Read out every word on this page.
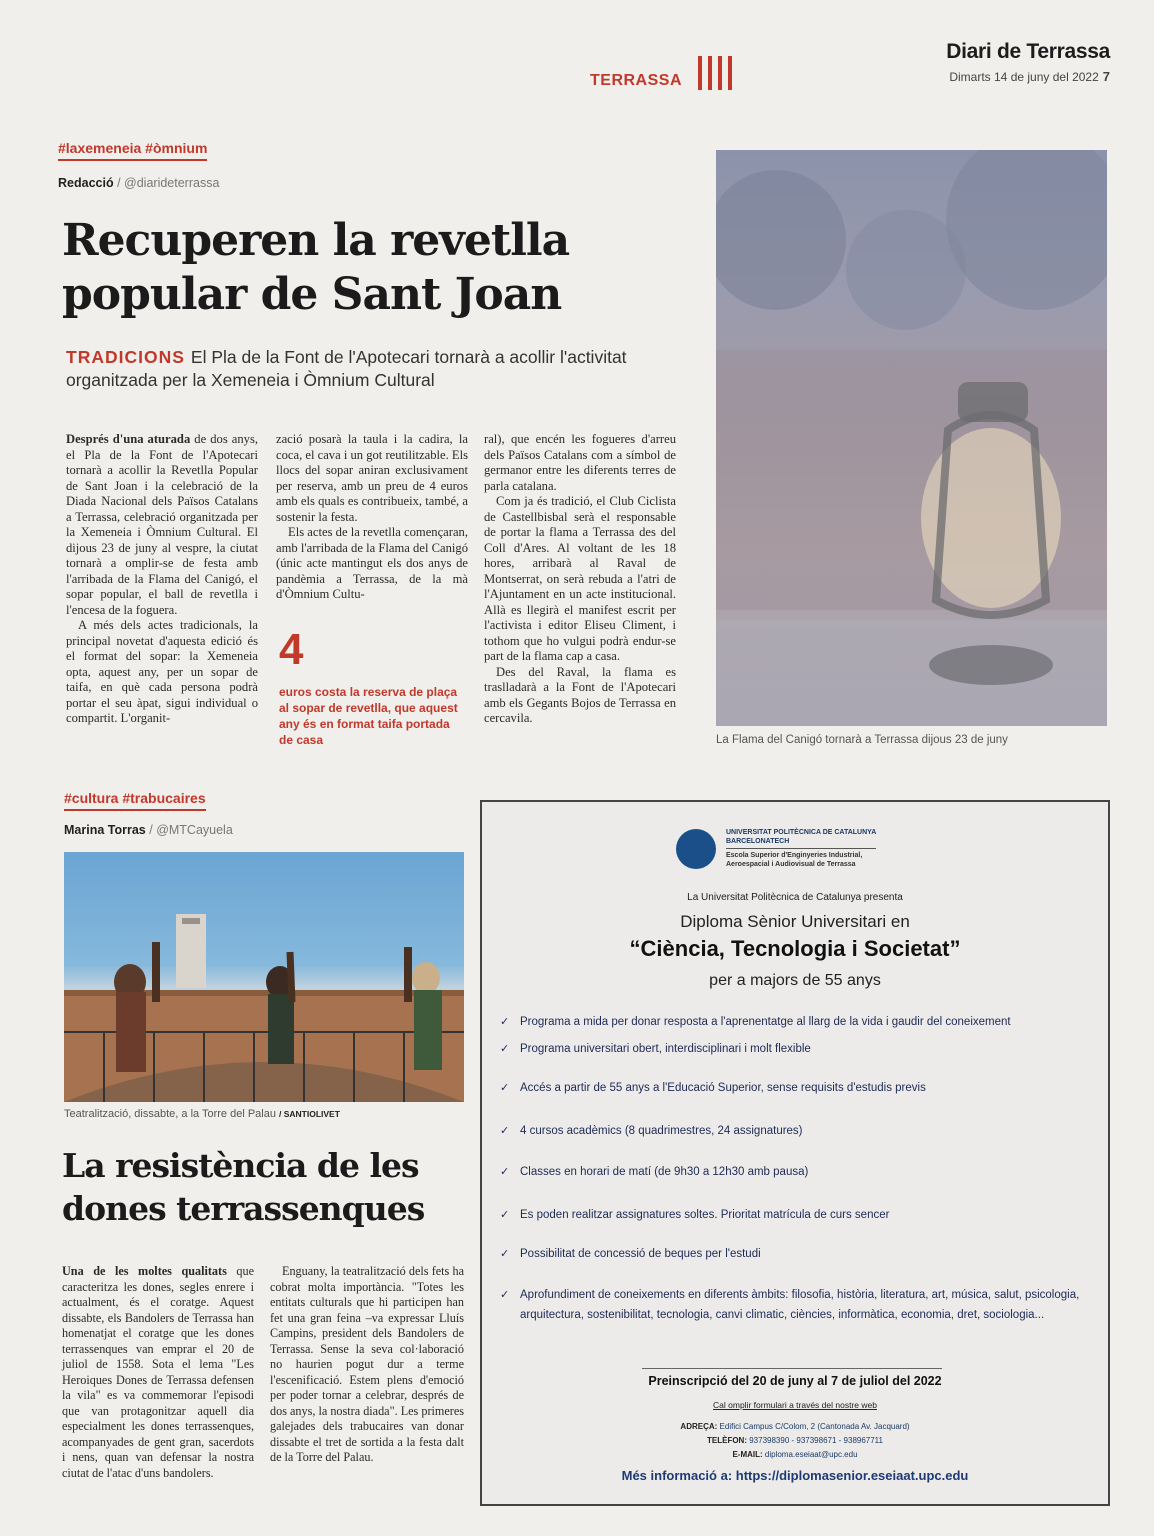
TERRASSA
Diari de Terrassa
Dimarts 14 de juny del 2022 7
#laxemeneia #òmnium
Redacció / @diarideterrassa
Recuperen la revetlla
popular de Sant Joan
TRADICIONS El Pla de la Font de l'Apotecari tornarà a acollir l'activitat organitzada per la Xemeneia i Òmnium Cultural

Després d'una aturada de dos anys, el Pla de la Font de l'Apotecari tornarà a acollir la Revetlla Popular de Sant Joan i la celebració de la Diada Nacional dels Països Catalans a Terrassa, celebració organitzada per la Xemeneia i Òmnium Cultural. El dijous 23 de juny al vespre, la ciutat tornarà a omplir-se de festa amb l'arribada de la Flama del Canigó, el sopar popular, el ball de revetlla i l'encesa de la foguera.

A més dels actes tradicionals, la principal novetat d'aquesta edició és el format del sopar: la Xemeneia opta, aquest any, per un sopar de taifa, en què cada persona podrà portar el seu àpat, sigui individual o compartit. L'organit-

zació posarà la taula i la cadira, la coca, el cava i un got reutilitzable. Els llocs del sopar aniran exclusivament per reserva, amb un preu de 4 euros amb els quals es contribueix, també, a sostenir la festa.

Els actes de la revetlla començaran, amb l'arribada de la Flama del Canigó (únic acte mantingut els dos anys de pandèmia a Terrassa, de la mà d'Òmnium Cultu-

4
euros costa la reserva de plaça al sopar de revetlla, que aquest any és en format taifa portada de casa

ral), que encén les fogueres d'arreu dels Països Catalans com a símbol de germanor entre les diferents terres de parla catalana.

Com ja és tradició, el Club Ciclista de Castellbisbal serà el responsable de portar la flama a Terrassa des del Coll d'Ares. Al voltant de les 18 hores, arribarà al Raval de Montserrat, on serà rebuda a l'atri de l'Ajuntament en un acte institucional. Allà es llegirà el manifest escrit per l'activista i editor Eliseu Climent, i tothom que ho vulgui podrà endur-se part de la flama cap a casa.

Des del Raval, la flama es traslladarà a la Font de l'Apotecari amb els Gegants Bojos de Terrassa en cercavila.

La Flama del Canigó tornarà a Terrassa dijous 23 de juny
#cultura #trabucaires
Marina Torras / @MTCayuela
Teatralització, dissabte, a la Torre del Palau / SANTIOLIVET
La resistència de les
dones terrassenques

Una de les moltes qualitats que caracteritza les dones, segles enrere i actualment, és el coratge. Aquest dissabte, els Bandolers de Terrassa han homenatjat el coratge que les dones terrassenques van emprar el 20 de juliol de 1558. Sota el lema "Les Heroiques Dones de Terrassa defensen la vila" es va commemorar l'episodi que van protagonitzar aquell dia especialment les dones terrassenques, acompanyades de gent gran, sacerdots i nens, quan van defensar la nostra ciutat de l'atac d'uns bandolers.

Enguany, la teatralització dels fets ha cobrat molta importància. "Totes les entitats culturals que hi participen han fet una gran feina –va expressar Lluís Campins, president dels Bandolers de Terrassa. Sense la seva col·laboració no haurien pogut dur a terme l'escenificació. Estem plens d'emoció per poder tornar a celebrar, després de dos anys, la nostra diada". Les primeres galejades dels trabucaires van donar dissabte el tret de sortida a la festa dalt de la Torre del Palau.

UNIVERSITAT POLITÈCNICA DE CATALUNYA
BARCELONATECH
Escola Superior d'Enginyeries Industrial,
Aeroespacial i Audiovisual de Terrassa
La Universitat Politècnica de Catalunya presenta
Diploma Sènior Universitari en
“Ciència, Tecnologia i Societat”
per a majors de 55 anys
✓ Programa a mida per donar resposta a l'aprenentatge al llarg de la vida i gaudir del coneixement
✓ Programa universitari obert, interdisciplinari i molt flexible
✓ Accés a partir de 55 anys a l'Educació Superior, sense requisits d'estudis previs
✓ 4 cursos acadèmics (8 quadrimestres, 24 assignatures)
✓ Classes en horari de matí (de 9h30 a 12h30 amb pausa)
✓ Es poden realitzar assignatures soltes. Prioritat matrícula de curs sencer
✓ Possibilitat de concessió de beques per l'estudi
✓ Aprofundiment de coneixements en diferents àmbits: filosofia, història, literatura, art, música, salut, psicologia, arquitectura, sostenibilitat, tecnologia, canvi climatic, ciències, informàtica, economia, dret, sociologia...
Preinscripció del 20 de juny al 7 de juliol del 2022
Cal omplir formulari a través del nostre web
ADREÇA: Edifici Campus C/Colom, 2 (Cantonada Av. Jacquard)
TELÈFON: 937398390 - 937398671 - 938967711
E-MAIL: diploma.eseiaat@upc.edu
Més informació a: https://diplomasenior.eseiaat.upc.edu
